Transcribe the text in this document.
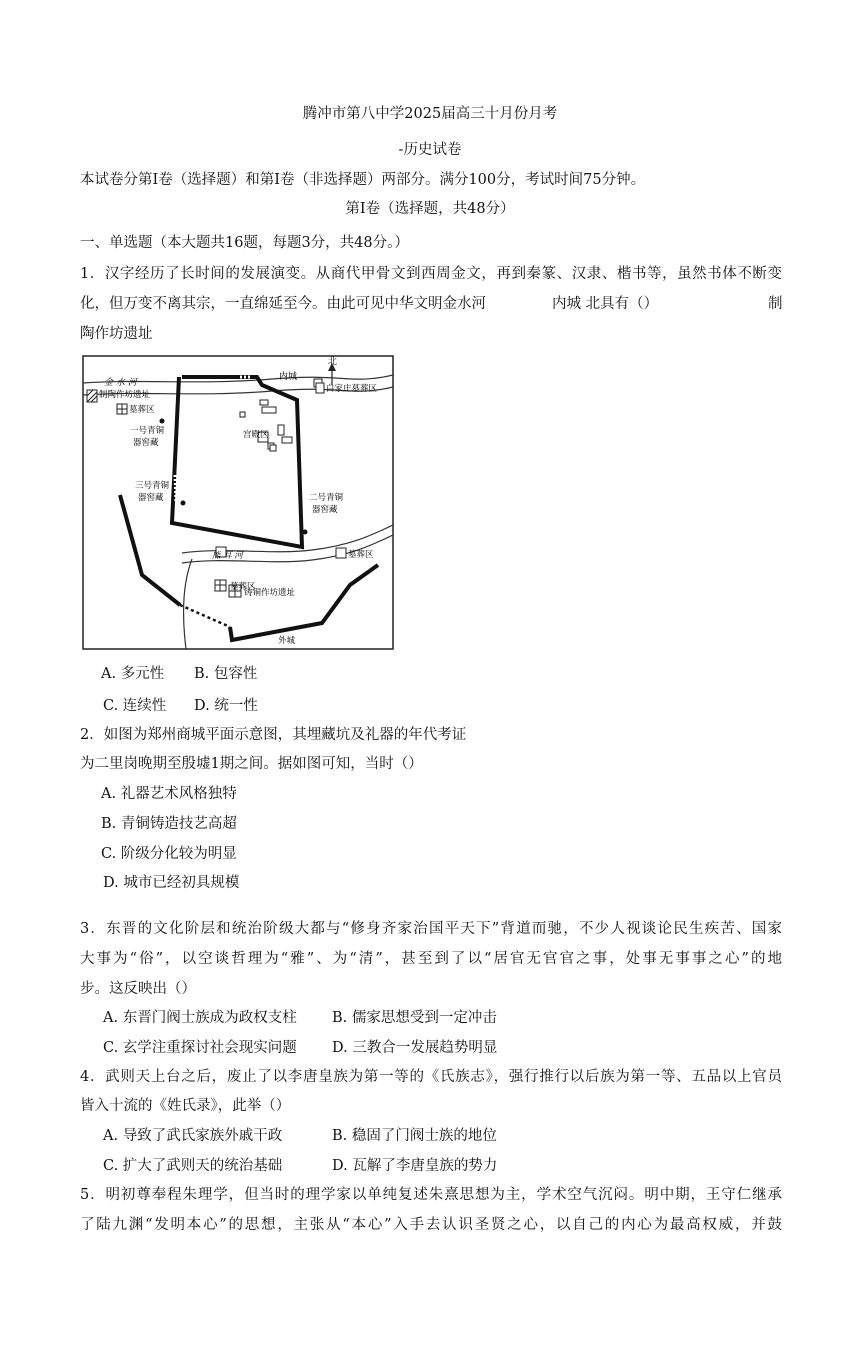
腾冲市第八中学2025届高三十月份月考
-历史试卷
本试卷分第Ⅰ卷（选择题）和第Ⅰ卷（非选择题）两部分。满分100分，考试时间75分钟。
第Ⅰ卷（选择题，共48分）
一、单选题（本大题共16题，每题3分，共48分。）
1．汉字经历了长时间的发展演变。从商代甲骨文到西周金文，再到秦篆、汉隶、楷书等，虽然书体不断变
化，但万变不离其宗，一直绵延至今。由此可见中华文明金水河	内城 北具有（）	制
陶作坊遗址
金 水 河
北
内城
制陶作坊遗址
墓葬区
一号青铜
器窖藏
宫殿区
白家庄墓葬区
三号青铜
器窖藏	二号青铜
器窖藏
熊 耳 河	墓葬区
墓葬区
铸铜作坊遗址
外城
A. 多元性 B. 包容性
C. 连续性 D. 统一性
2．如图为郑州商城平面示意图，其埋藏坑及礼器的年代考证
为二里岗晚期至殷墟1期之间。据如图可知，当时（）
A. 礼器艺术风格独特
B. 青铜铸造技艺高超
C. 阶级分化较为明显
D. 城市已经初具规模
3．东晋的文化阶层和统治阶级大都与“修身齐家治国平天下”背道而驰，不少人视谈论民生疾苦、国家
大事为“俗”，以空谈哲理为“雅”、为“清”，甚至到了以“居官无官官之事，处事无事事之心”的地
步。这反映出（）
A. 东晋门阀士族成为政权支柱 B. 儒家思想受到一定冲击
C. 玄学注重探讨社会现实问题 D. 三教合一发展趋势明显
4．武则天上台之后，废止了以李唐皇族为第一等的《氏族志》，强行推行以后族为第一等、五品以上官员
皆入十流的《姓氏录》，此举（）
A. 导致了武氏家族外戚干政	B. 稳固了门阀士族的地位
C. 扩大了武则天的统治基础	D. 瓦解了李唐皇族的势力
5．明初尊奉程朱理学，但当时的理学家以单纯复述朱熹思想为主，学术空气沉闷。明中期，王守仁继承
了陆九渊“发明本心”的思想，主张从“本心”入手去认识圣贤之心，以自己的内心为最高权威，并鼓
